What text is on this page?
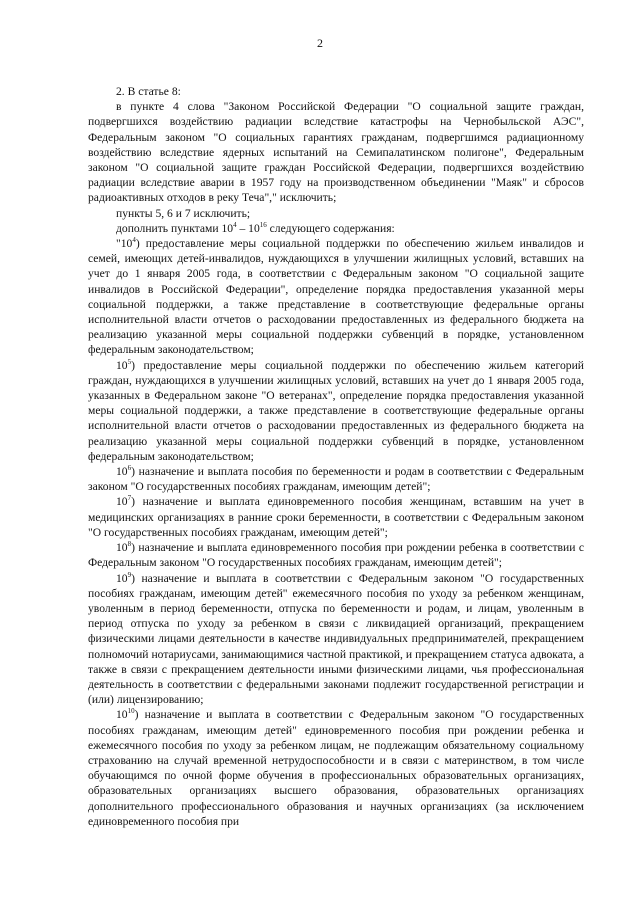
2

2. В статье 8:

в пункте 4 слова "Законом Российской Федерации "О социальной защите граждан, подвергшихся воздействию радиации вследствие катастрофы на Чернобыльской АЭС", Федеральным законом "О социальных гарантиях гражданам, подвергшимся радиационному воздействию вследствие ядерных испытаний на Семипалатинском полигоне", Федеральным законом "О социальной защите граждан Российской Федерации, подвергшихся воздействию радиации вследствие аварии в 1957 году на производственном объединении "Маяк" и сбросов радиоактивных отходов в реку Теча"," исключить;

пункты 5, 6 и 7 исключить;

дополнить пунктами $10^4 - 10^{16}$ следующего содержания:

"$10^4$) предоставление меры социальной поддержки по обеспечению жильем инвалидов и семей, имеющих детей-инвалидов, нуждающихся в улучшении жилищных условий, вставших на учет до 1 января 2005 года, в соответствии с Федеральным законом "О социальной защите инвалидов в Российской Федерации", определение порядка предоставления указанной меры социальной поддержки, а также представление в соответствующие федеральные органы исполнительной власти отчетов о расходовании предоставленных из федерального бюджета на реализацию указанной меры социальной поддержки субвенций в порядке, установленном федеральным законодательством;

$10^5$) предоставление меры социальной поддержки по обеспечению жильем категорий граждан, нуждающихся в улучшении жилищных условий, вставших на учет до 1 января 2005 года, указанных в Федеральном законе "О ветеранах", определение порядка предоставления указанной меры социальной поддержки, а также представление в соответствующие федеральные органы исполнительной власти отчетов о расходовании предоставленных из федерального бюджета на реализацию указанной меры социальной поддержки субвенций в порядке, установленном федеральным законодательством;

$10^6$) назначение и выплата пособия по беременности и родам в соответствии с Федеральным законом "О государственных пособиях гражданам, имеющим детей";

$10^7$) назначение и выплата единовременного пособия женщинам, вставшим на учет в медицинских организациях в ранние сроки беременности, в соответствии с Федеральным законом "О государственных пособиях гражданам, имеющим детей";

$10^8$) назначение и выплата единовременного пособия при рождении ребенка в соответствии с Федеральным законом "О государственных пособиях гражданам, имеющим детей";

$10^9$) назначение и выплата в соответствии с Федеральным законом "О государственных пособиях гражданам, имеющим детей" ежемесячного пособия по уходу за ребенком женщинам, уволенным в период беременности, отпуска по беременности и родам, и лицам, уволенным в период отпуска по уходу за ребенком в связи с ликвидацией организаций, прекращением физическими лицами деятельности в качестве индивидуальных предпринимателей, прекращением полномочий нотариусами, занимающимися частной практикой, и прекращением статуса адвоката, а также в связи с прекращением деятельности иными физическими лицами, чья профессиональная деятельность в соответствии с федеральными законами подлежит государственной регистрации и (или) лицензированию;

$10^{10}$) назначение и выплата в соответствии с Федеральным законом "О государственных пособиях гражданам, имеющим детей" единовременного пособия при рождении ребенка и ежемесячного пособия по уходу за ребенком лицам, не подлежащим обязательному социальному страхованию на случай временной нетрудоспособности и в связи с материнством, в том числе обучающимся по очной форме обучения в профессиональных образовательных организациях, образовательных организациях высшего образования, образовательных организациях дополнительного профессионального образования и научных организациях (за исключением единовременного пособия при
